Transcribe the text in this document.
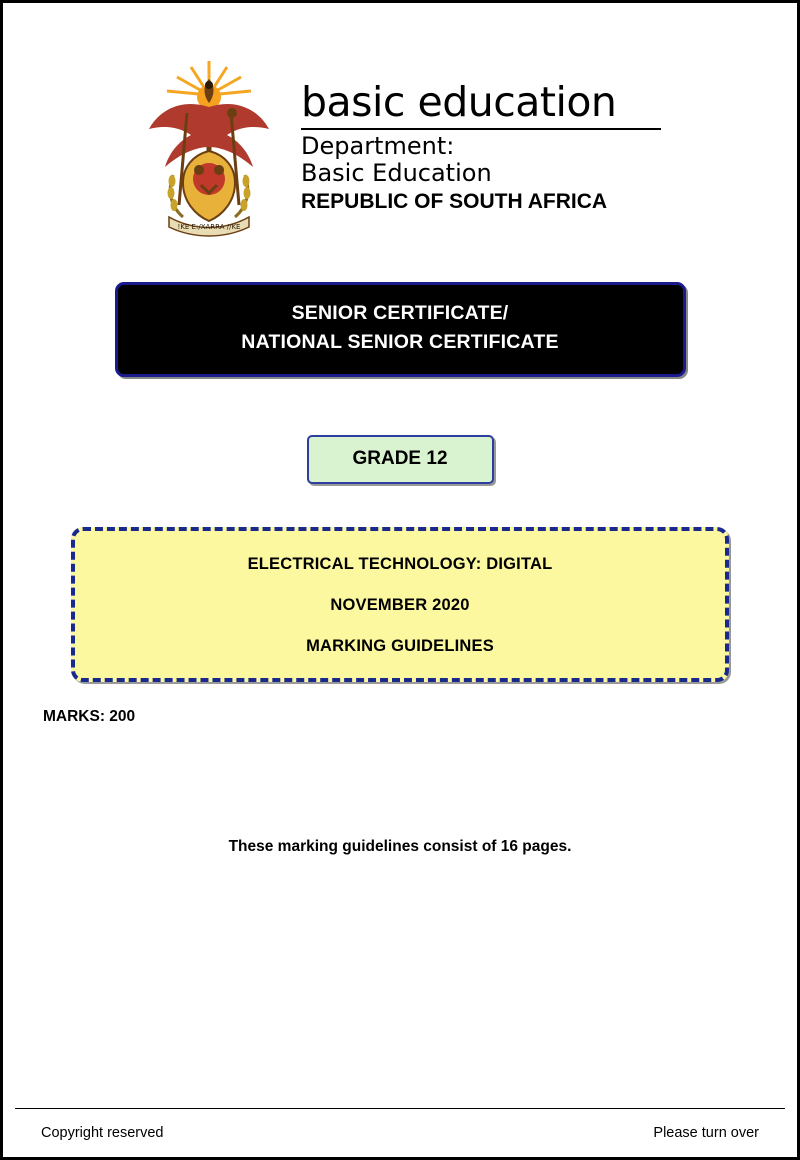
!KE E:/XARRA //KE
basic education
Department:
Basic Education
REPUBLIC OF SOUTH AFRICA
SENIOR CERTIFICATE/
NATIONAL SENIOR CERTIFICATE
GRADE 12
ELECTRICAL TECHNOLOGY: DIGITAL
NOVEMBER 2020
MARKING GUIDELINES
MARKS: 200
These marking guidelines consist of 16 pages.
Copyright reserved	Please turn over
